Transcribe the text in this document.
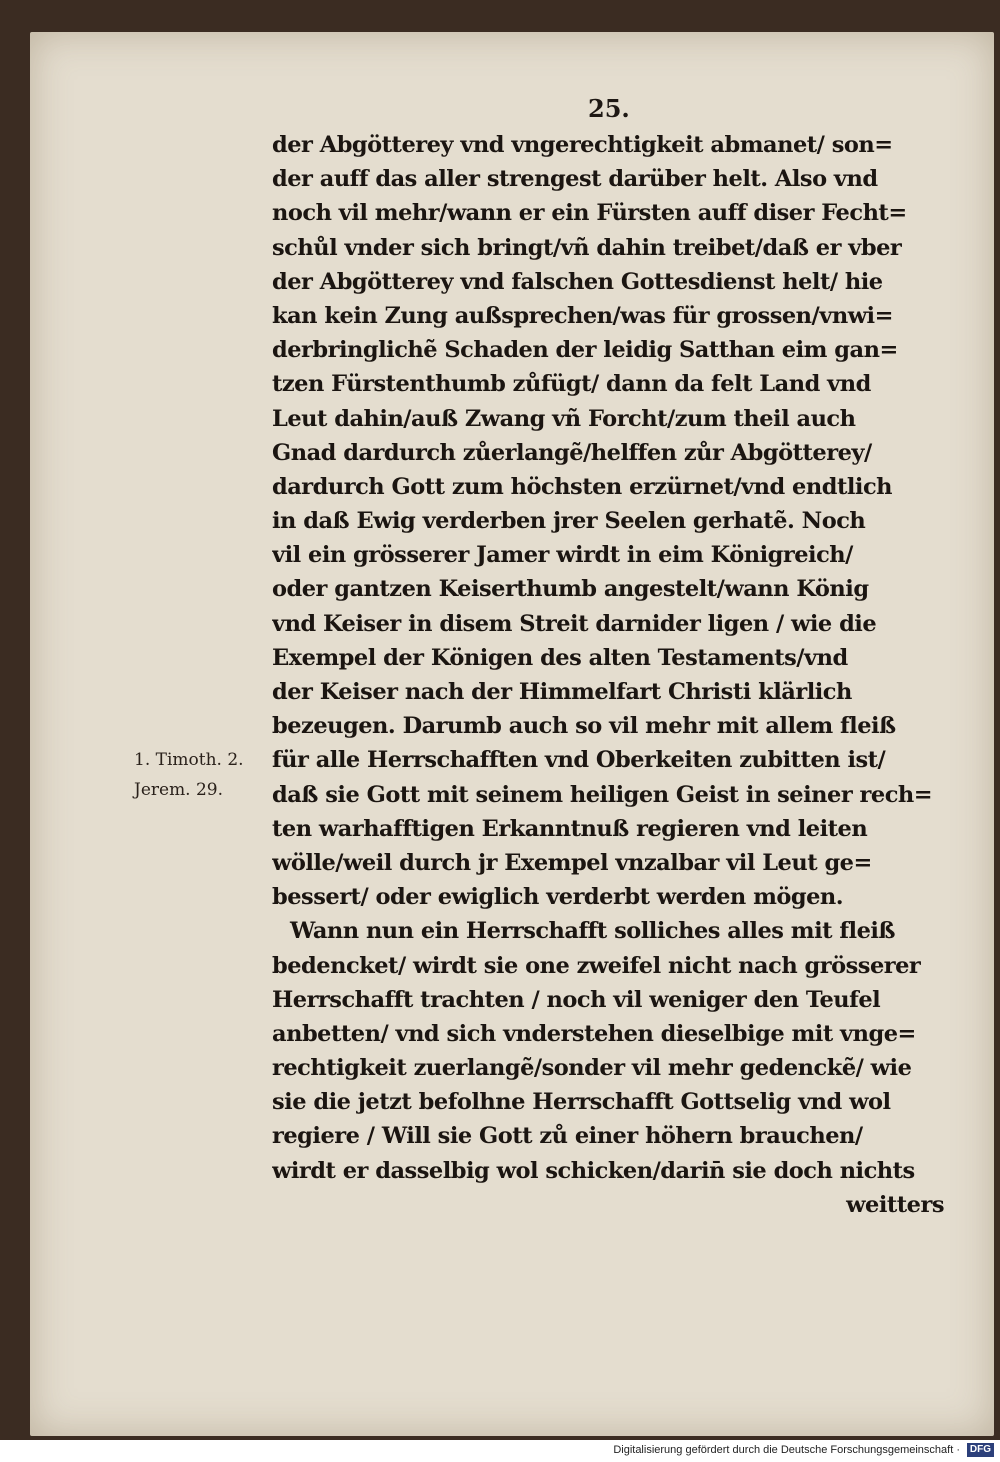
25.
der Abgötterey vnd vngerechtigkeit abmanet/ son=
der auff das aller strengest darüber helt. Also vnd
noch vil mehr/wann er ein Fürsten auff diser Fecht=
schůl vnder sich bringt/vñ dahin treibet/daß er vber
der Abgötterey vnd falschen Gottesdienst helt/ hie
kan kein Zung außsprechen/was für grossen/vnwi=
derbringlichẽ Schaden der leidig Satthan eim gan=
tzen Fürstenthumb zůfügt/ dann da felt Land vnd
Leut dahin/auß Zwang vñ Forcht/zum theil auch
Gnad dardurch zůerlangẽ/helffen zůr Abgötterey/
dardurch Gott zum höchsten erzürnet/vnd endtlich
in daß Ewig verderben jrer Seelen gerhatẽ. Noch
vil ein grösserer Jamer wirdt in eim Königreich/
oder gantzen Keiserthumb angestelt/wann König
vnd Keiser in disem Streit darnider ligen / wie die
Exempel der Königen des alten Testaments/vnd
der Keiser nach der Himmelfart Christi klärlich
bezeugen. Darumb auch so vil mehr mit allem fleiß
für alle Herrschafften vnd Oberkeiten zubitten ist/
daß sie Gott mit seinem heiligen Geist in seiner rech=
ten warhafftigen Erkanntnuß regieren vnd leiten
wölle/weil durch jr Exempel vnzalbar vil Leut ge=
bessert/ oder ewiglich verderbt werden mögen.
Wann nun ein Herrschafft solliches alles mit fleiß
bedencket/ wirdt sie one zweifel nicht nach grösserer
Herrschafft trachten / noch vil weniger den Teufel
anbetten/ vnd sich vnderstehen dieselbige mit vnge=
rechtigkeit zuerlangẽ/sonder vil mehr gedenckẽ/ wie
sie die jetzt befolhne Herrschafft Gottselig vnd wol
regiere / Will sie Gott zů einer höhern brauchen/
wirdt er dasselbig wol schicken/darin̄ sie doch nichts
weitters
1. Timoth. 2.
Jerem. 29.
Digitalisierung gefördert durch die Deutsche Forschungsgemeinschaft · DFG
